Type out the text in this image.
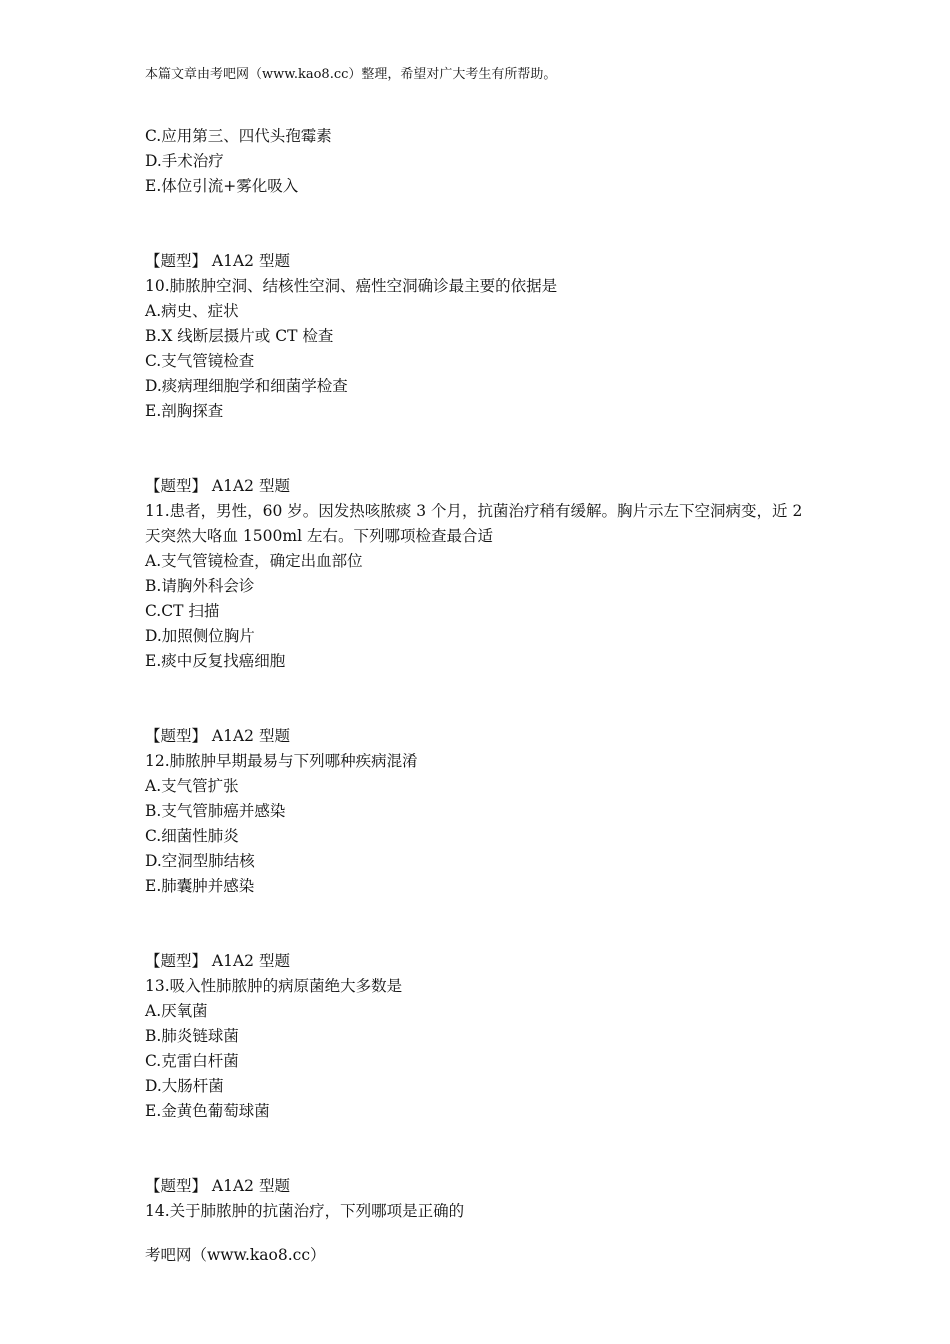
本篇文章由考吧网（www.kao8.cc）整理，希望对广大考生有所帮助。
C.应用第三、四代头孢霉素
D.手术治疗
E.体位引流+雾化吸入
【题型】 A1A2 型题
10.肺脓肿空洞、结核性空洞、癌性空洞确诊最主要的依据是
A.病史、症状
B.X 线断层摄片或 CT 检查
C.支气管镜检查
D.痰病理细胞学和细菌学检查
E.剖胸探查
【题型】 A1A2 型题
11.患者，男性，60 岁。因发热咳脓痰 3 个月，抗菌治疗稍有缓解。胸片示左下空洞病变，近 2
天突然大咯血 1500ml 左右。下列哪项检查最合适
A.支气管镜检查，确定出血部位
B.请胸外科会诊
C.CT 扫描
D.加照侧位胸片
E.痰中反复找癌细胞
【题型】 A1A2 型题
12.肺脓肿早期最易与下列哪种疾病混淆
A.支气管扩张
B.支气管肺癌并感染
C.细菌性肺炎
D.空洞型肺结核
E.肺囊肿并感染
【题型】 A1A2 型题
13.吸入性肺脓肿的病原菌绝大多数是
A.厌氧菌
B.肺炎链球菌
C.克雷白杆菌
D.大肠杆菌
E.金黄色葡萄球菌
【题型】 A1A2 型题
14.关于肺脓肿的抗菌治疗，下列哪项是正确的
考吧网（www.kao8.cc）
